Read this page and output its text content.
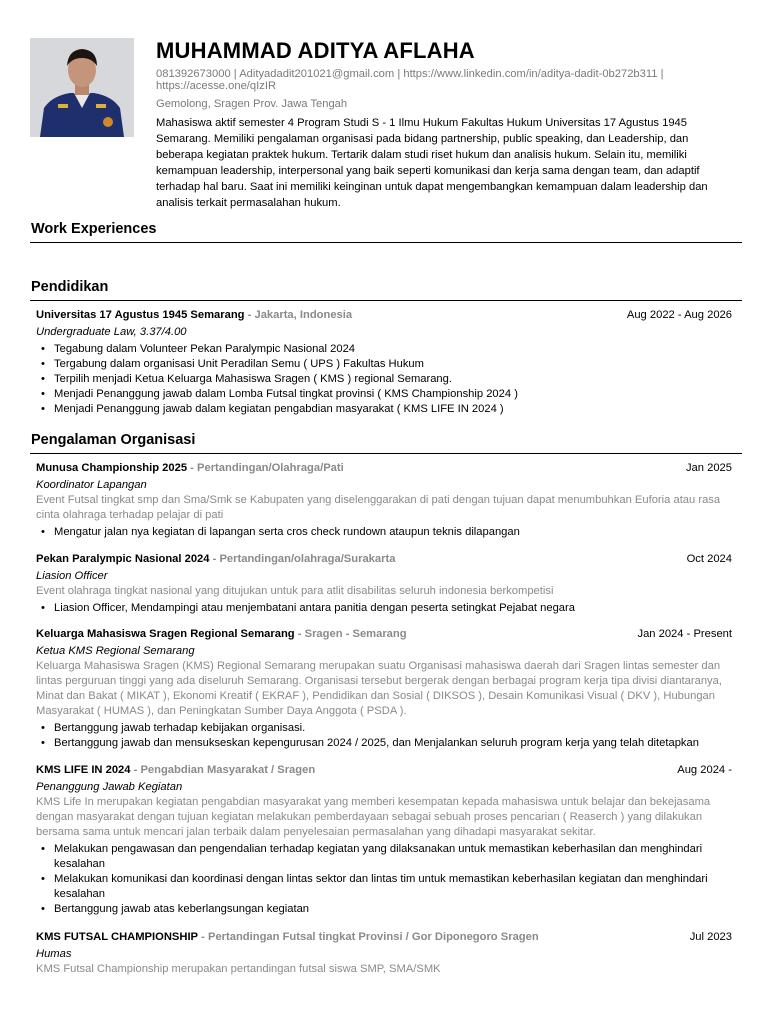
MUHAMMAD ADITYA AFLAHA
081392673000 | Adityadadit201021@gmail.com | https://www.linkedin.com/in/aditya-dadit-0b272b311 | https://acesse.one/qIzIR
Gemolong, Sragen Prov. Jawa Tengah
Mahasiswa aktif semester 4 Program Studi S - 1 Ilmu Hukum Fakultas Hukum Universitas 17 Agustus 1945 Semarang. Memiliki pengalaman organisasi pada bidang partnership, public speaking, dan Leadership, dan beberapa kegiatan praktek hukum. Tertarik dalam studi riset hukum dan analisis hukum. Selain itu, memiliki kemampuan leadership, interpersonal yang baik seperti komunikasi dan kerja sama dengan team, dan adaptif terhadap hal baru. Saat ini memiliki keinginan untuk dapat mengembangkan kemampuan dalam leadership dan analisis terkait permasalahan hukum.
Work Experiences
Pendidikan
Universitas 17 Agustus 1945 Semarang - Jakarta, Indonesia	Aug 2022 - Aug 2026
Undergraduate Law, 3.37/4.00
• Tegabung dalam Volunteer Pekan Paralympic Nasional 2024
• Tergabung dalam organisasi Unit Peradilan Semu ( UPS ) Fakultas Hukum
• Terpilih menjadi Ketua Keluarga Mahasiswa Sragen ( KMS ) regional Semarang.
• Menjadi Penanggung jawab dalam Lomba Futsal tingkat provinsi ( KMS Championship 2024 )
• Menjadi Penanggung jawab dalam kegiatan pengabdian masyarakat ( KMS LIFE IN 2024 )
Pengalaman Organisasi
Munusa Championship 2025 - Pertandingan/Olahraga/Pati	Jan 2025
Koordinator Lapangan
Event Futsal tingkat smp dan Sma/Smk se Kabupaten yang diselenggarakan di pati dengan tujuan dapat menumbuhkan Euforia atau rasa cinta olahraga terhadap pelajar di pati
• Mengatur jalan nya kegiatan di lapangan serta cros check rundown ataupun teknis dilapangan
Pekan Paralympic Nasional 2024 - Pertandingan/olahraga/Surakarta	Oct 2024
Liasion Officer
Event olahraga tingkat nasional yang ditujukan untuk para atlit disabilitas seluruh indonesia berkompetisi
• Liasion Officer, Mendampingi atau menjembatani antara panitia dengan peserta setingkat Pejabat negara
Keluarga Mahasiswa Sragen Regional Semarang - Sragen - Semarang	Jan 2024 - Present
Ketua KMS Regional Semarang
Keluarga Mahasiswa Sragen (KMS) Regional Semarang merupakan suatu Organisasi mahasiswa daerah dari Sragen lintas semester dan lintas perguruan tinggi yang ada diseluruh Semarang. Organisasi tersebut bergerak dengan berbagai program kerja tipa divisi diantaranya, Minat dan Bakat ( MIKAT ), Ekonomi Kreatif ( EKRAF ), Pendidikan dan Sosial ( DIKSOS ), Desain Komunikasi Visual ( DKV ), Hubungan Masyarakat ( HUMAS ), dan Peningkatan Sumber Daya Anggota ( PSDA ).
• Bertanggung jawab terhadap kebijakan organisasi.
• Bertanggung jawab dan mensukseskan kepengurusan 2024 / 2025, dan Menjalankan seluruh program kerja yang telah ditetapkan
KMS LIFE IN 2024 - Pengabdian Masyarakat / Sragen	Aug 2024 -
Penanggung Jawab Kegiatan
KMS Life In merupakan kegiatan pengabdian masyarakat yang memberi kesempatan kepada mahasiswa untuk belajar dan bekejasama dengan masyarakat dengan tujuan kegiatan melakukan pemberdayaan sebagai sebuah proses pencarian ( Reaserch ) yang dilakukan bersama sama untuk mencari jalan terbaik dalam penyelesaian permasalahan yang dihadapi masyarakat sekitar.
• Melakukan pengawasan dan pengendalian terhadap kegiatan yang dilaksanakan untuk memastikan keberhasilan dan menghindari kesalahan
• Melakukan komunikasi dan koordinasi dengan lintas sektor dan lintas tim untuk memastikan keberhasilan kegiatan dan menghindari kesalahan
• Bertanggung jawab atas keberlangsungan kegiatan
KMS FUTSAL CHAMPIONSHIP - Pertandingan Futsal tingkat Provinsi / Gor Diponegoro Sragen	Jul 2023
Humas
KMS Futsal Championship merupakan pertandingan futsal siswa SMP, SMA/SMK
